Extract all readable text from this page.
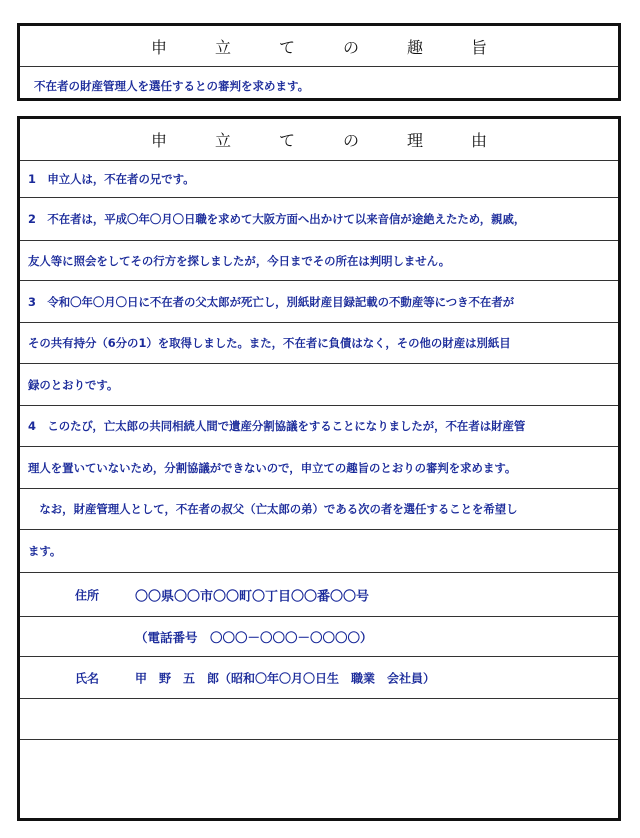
申立ての趣旨
不在者の財産管理人を選任するとの審判を求めます。
申立ての理由
1　申立人は，不在者の兄です。
2　不在者は，平成〇年〇月〇日職を求めて大阪方面へ出かけて以来音信が途絶えたため，親戚，
友人等に照会をしてその行方を探しましたが，今日までその所在は判明しません。
3　令和〇年〇月〇日に不在者の父太郎が死亡し，別紙財産目録記載の不動産等につき不在者が
その共有持分（6分の1）を取得しました。また，不在者に負債はなく，その他の財産は別紙目
録のとおりです。
4　このたび，亡太郎の共同相続人間で遺産分割協議をすることになりましたが，不在者は財産管
理人を置いていないため，分割協議ができないので，申立ての趣旨のとおりの審判を求めます。
　なお，財産管理人として，不在者の叔父（亡太郎の弟）である次の者を選任することを希望し
ます。
住所	〇〇県〇〇市〇〇町〇丁目〇〇番〇〇号
（電話番号　〇〇〇－〇〇〇－〇〇〇〇）
氏名	甲　野　五　郎（昭和〇年〇月〇日生　職業　会社員）
